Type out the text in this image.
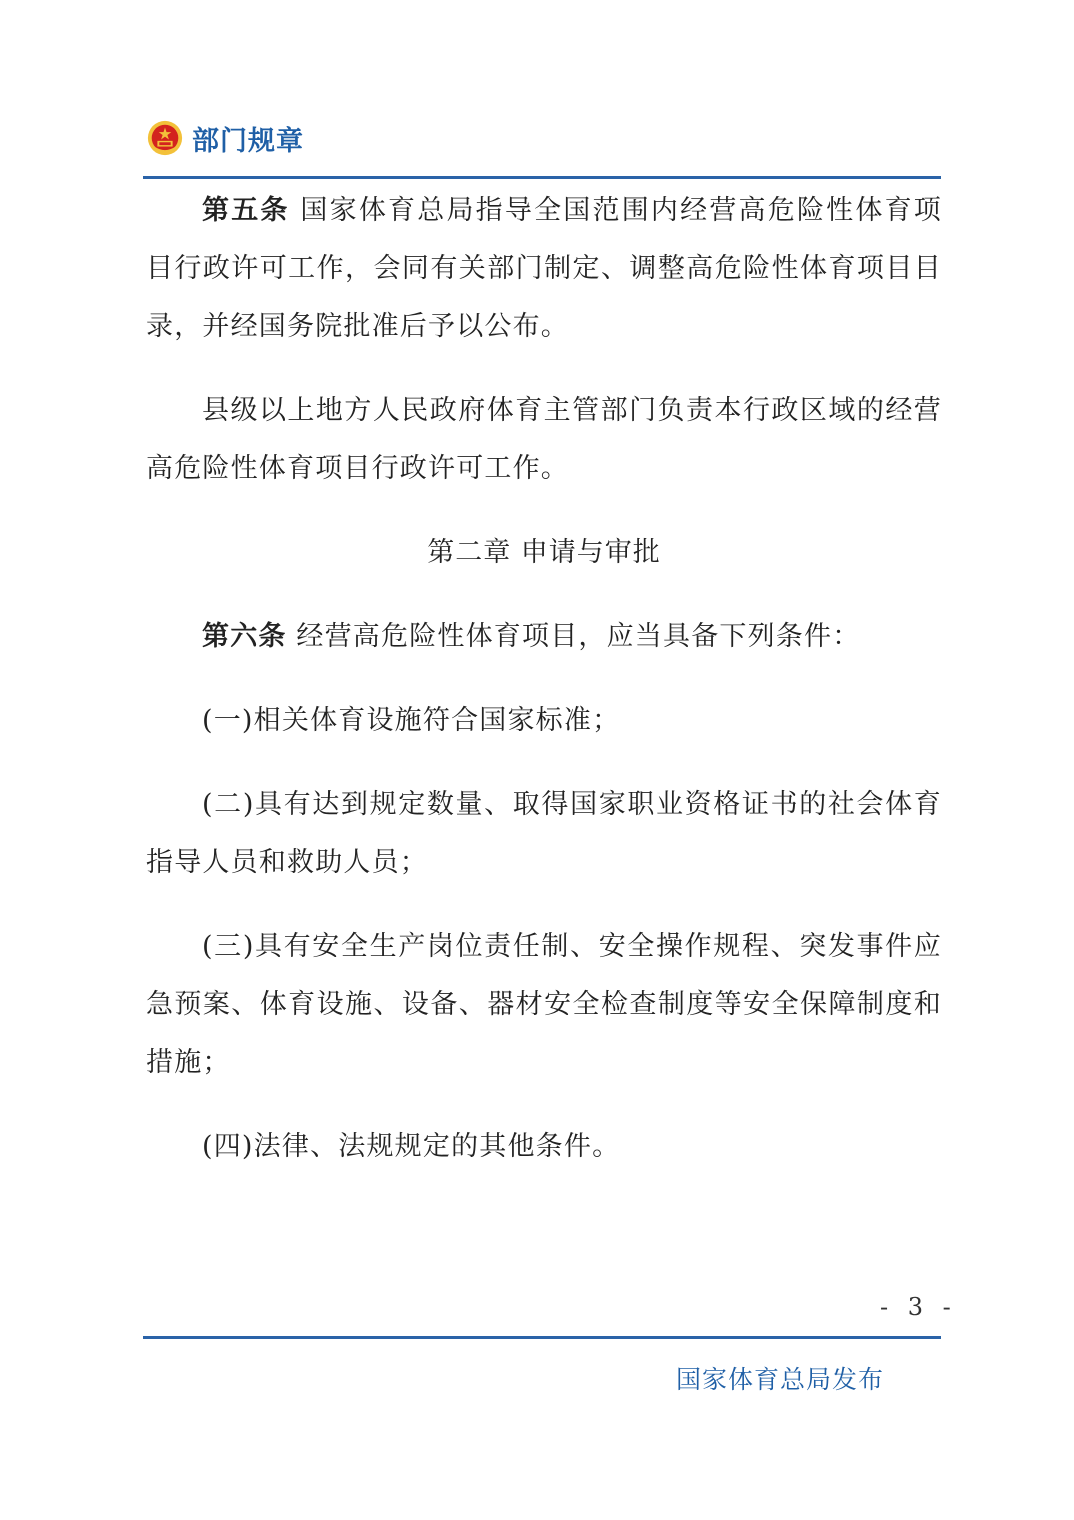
部门规章

第五条 国家体育总局指导全国范围内经营高危险性体育项目行政许可工作，会同有关部门制定、调整高危险性体育项目目录，并经国务院批准后予以公布。

县级以上地方人民政府体育主管部门负责本行政区域的经营高危险性体育项目行政许可工作。

第二章 申请与审批

第六条 经营高危险性体育项目，应当具备下列条件：

(一)相关体育设施符合国家标准；

(二)具有达到规定数量、取得国家职业资格证书的社会体育指导人员和救助人员；

(三)具有安全生产岗位责任制、安全操作规程、突发事件应急预案、体育设施、设备、器材安全检查制度等安全保障制度和措施；

(四)法律、法规规定的其他条件。

- 3 -
国家体育总局发布
